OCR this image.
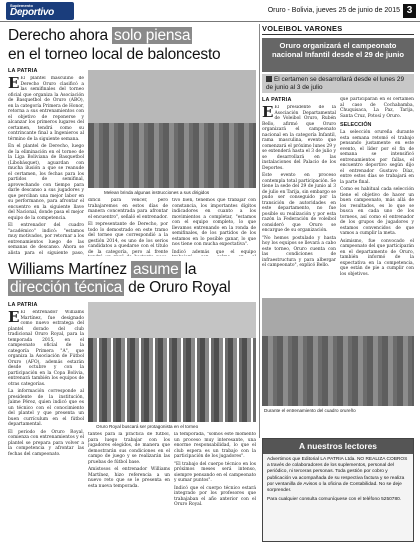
Suplemento
Deportivo	Oruro - Bolivia, jueves 25 de junio de 2015 3
Derecho ahora solo piensa
en el torneo local de baloncesto
LA PATRIA

E El plantel masculino de Derecho Oruro clasificó a las semifinales del torneo oficial que organiza la Asociación de Basquetbol de Oruro (ABO), en la categoría Primera de Honor, retorna a sus entrenamientos con el objetivo de reponerse y alcanzar los primeros lugares del certamen, tendrá como su contrincante final a Ingenieros al término de la siguiente semana.

En el plantel de Derecho, luego de la eliminación en el torneo de la Liga Boliviana de Basquetbol (Libobásquet), aguardan con mucha ilusión a que se reanude el certamen, los fechas para los partidos de semifinal, aprovechando con tiempo para darle descanso a sus jugadores y que perciban una mejor labor en su performance, para afrontar el encuentro en la siguiente llave del Nacional, donde pasa el mejor equipo de la competencia.

El entrenador del cuadro "académico" indicó: "estamos muy motivados, por retornar a los entrenamientos luego de las semanas de descanso. Ahora se alista para el siguiente paso,

Melean brinda algunas instrucciones a sus dirigidos

difícil para vencer, pero trabajaremos en estos días de manera concentrada para afrontar el encuentro", señaló el entrenador.

El representante de Derecho, por todo lo demostrado en este tramo del torneo que correspondió a la gestión 2014, es uno de los serios candidatos a quedarse con el título de la categoría, pero al frente

tivo bien, tenemos que trabajar con constancia, los importantes dígitos indicadores en cuanto a los movimientos a completar, "estamos con el equipo completo, lo que llevamos entrenando en la ronda de semifinales, de los partidos de los estamos en lo posible ganar, lo que nos tiene con mucha expectativa".

Indicó además que el equipo

VOLEIBOL VARONES
Oruro organizará el campeonato nacional Infantil desde el 29 de junio
El certamen se desarrollará desde el lunes 29 de junio al 3 de julio
LA PATRIA

E El presidente de la Asociación Departamental de Voleibol Oruro, Rubén Bello, afirmó que Oruro organizará el campeonato nacional en la categoría Infantil, rama masculina, evento que comenzará el próximo lunes 29 y se extenderá hasta el 3 de julio y se desarrollará en las instalaciones del Palacio de los Deportes.

Este evento en proceso contempla total participación. Se tiene la sede del 29 de junio al 3 de julio en Tarija, sin embargo se pudo ser conseguido por la transición de autoridades en este departamento, no fue posible su realización y por esta razón la Federación de voleibol consideró que Oruro se encargue de su organización.

"No hemos postulado y hasta hoy los equipos se llevará a cabo este torneo, Oruro cuenta con las condiciones de infraestructura y para albergar el campeonato", explicó Bello.

que participarán en el certamen al caso de Cochabamba, Chuquisaca, La Paz, Tarija, Santa Cruz, Potosí y Oruro.

SELECCIÓN

La selección orureña durante esta semana retomó el trabajo pensando justamente en este evento, el líder por el fin de semana se intensificó entrenamientos por fallas, el encuentro deportivo según dijo el entrenador Gustavo Díaz, entre estos días se trabajará en la parte final.

Como es habitual cada selección tiene el objetivo de hacer un buen campeonato, más allá de los resultados, es lo que se busca en cada uno de los torneos, así como el entrenador de los grupos de jugadores y estamos convencidos de que vamos a cumplir la meta.

Asimismo, fue convocado el campeonato del que participarán en el departamento de Oruro, también informó de la expectativa en la competencia, que están de pie a cumplir con los objetivos.

Durante el entrenamiento del cuadro orureño
Williams Martínez asume la
dirección técnica de Oruro Royal
LA PATRIA

E El entrenador Williams Martínez, fue designado como nuevo estratega del plantel dorado del club tradicional Oruro Royal, para la temporada 2015, en el campeonato oficial de la categoría Primera "A", que organiza la Asociación de Fútbol Oruro (AFO), además estarán desde octubre y con la participación en la Copa Bolivia, entrenará también los equipos de otras categorías.

La información corresponde al presidente de la institución, Jaime Pérez, quien indicó que es un técnico con el conocimiento del plantel y que presenta un buen currículum en el fútbol departamental.

El periodo de Oruro Royal, comienza con entrenamientos y el plantel se prepara para volver a la competencia y afrontar las fechas del campeonato.

Oruro Royal buscará ser protagonista en el torneo

tantes para la práctica de fútbol, para luego trabajar con los jugadores elegidos, de manera que demostrarán sus condiciones en el campo de juego y se realizarán las pruebas de fútbol base.

Amistosos el entrenador Williams Martínez, hizo referencia a un nuevo reto que se le presenta en esta nueva temporada.

la temporada, "somos este momento un proceso muy interesante, una enorme responsabilidad, lo que el club espera es un trabajo con la participación de los jugadores".

"El trabajo del cuerpo técnico en los próximos meses será intenso, siempre pensando en el campeonato y sumar puntos".

Indicó que el cuerpo técnico estará integrado por los profesores que trabajaban el año anterior con el Oruro Royal.

A nuestros lectores

Advertimos que Editorial LA PATRIA Ltda. NO REALIZA COBROS a través de colaboradores de los suplementos, personal del periódico, ni terceras personas. Toda gestión por cobro y publicación va acompañada de su respectiva factura y se realiza por ventanilla de Avisos o la oficina de Contabilidad. No se deje sorprender.

Para cualquier consulta comuníquese con el teléfono 5250780.
